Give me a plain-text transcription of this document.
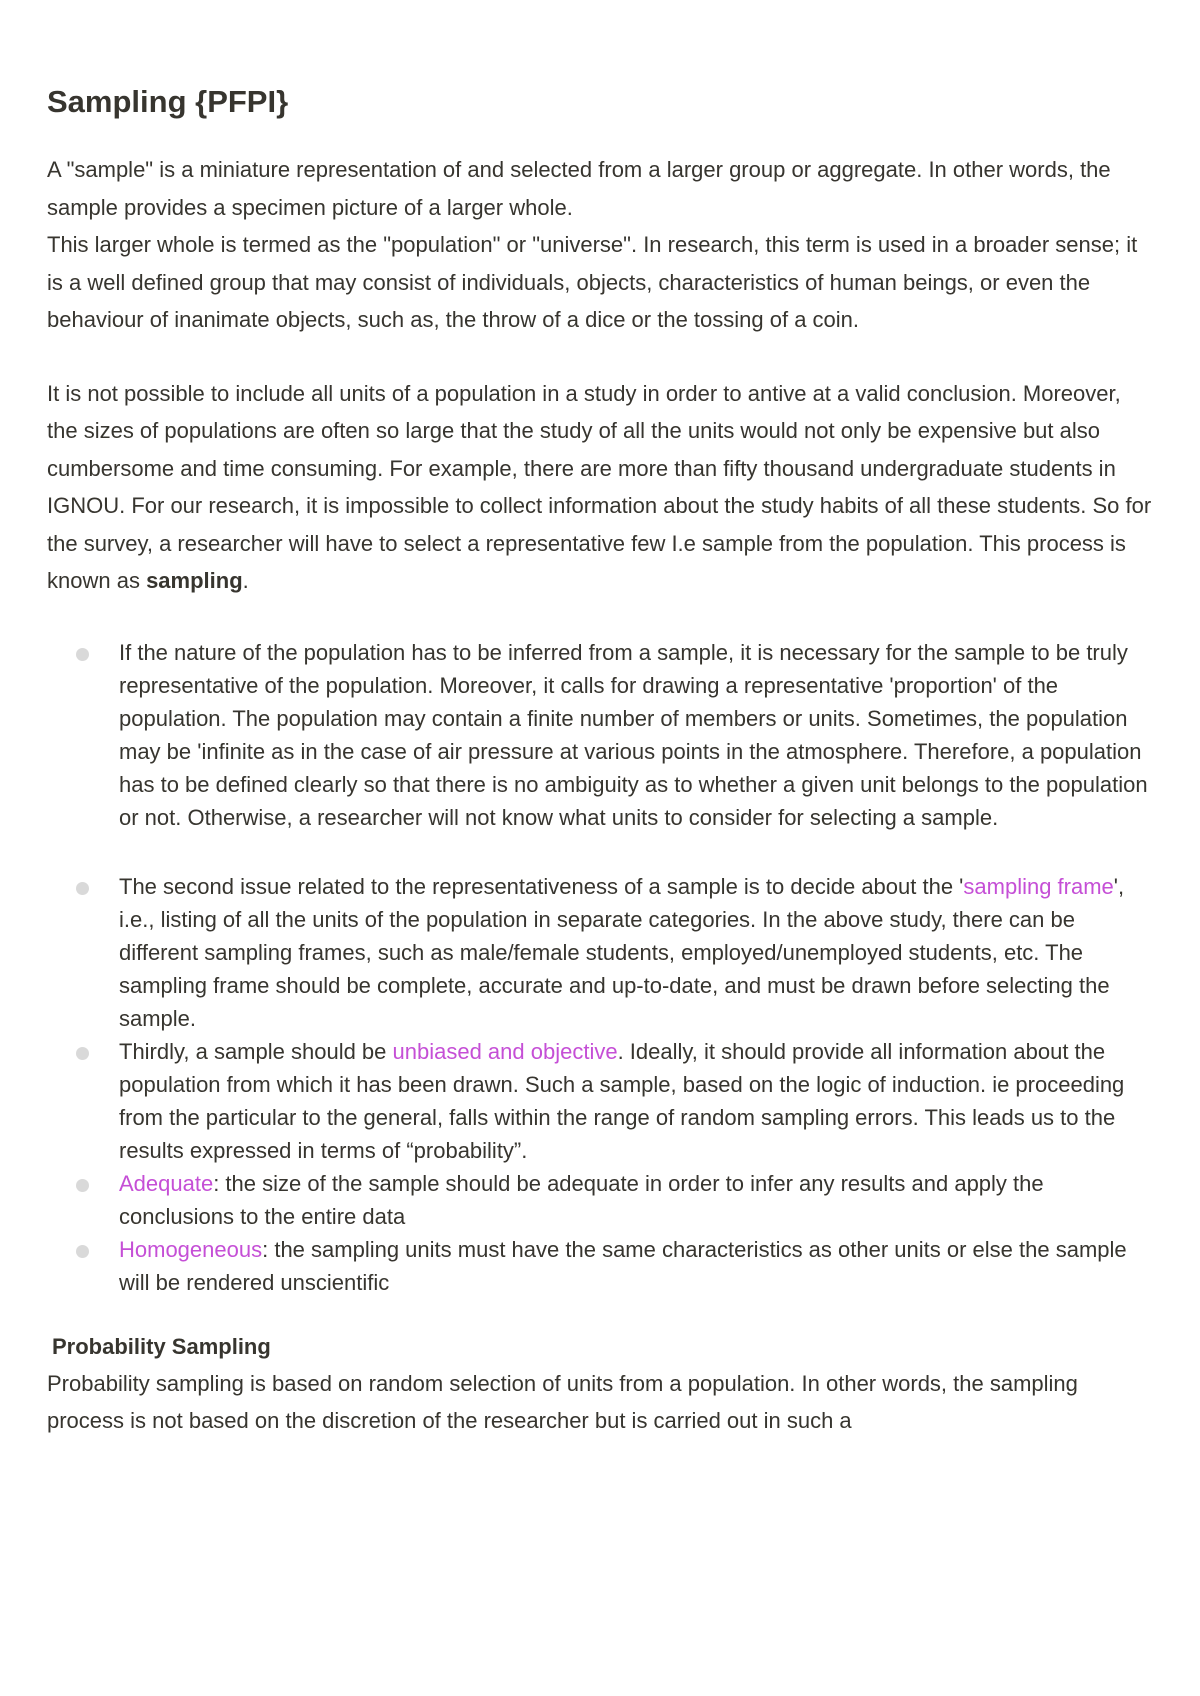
Sampling {PFPI}

A "sample" is a miniature representation of and selected from a larger group or aggregate. In other words, the sample provides a specimen picture of a larger whole.

This larger whole is termed as the "population" or "universe". In research, this term is used in a broader sense; it is a well defined group that may consist of individuals, objects, characteristics of human beings, or even the behaviour of inanimate objects, such as, the throw of a dice or the tossing of a coin.

It is not possible to include all units of a population in a study in order to antive at a valid conclusion. Moreover, the sizes of populations are often so large that the study of all the units would not only be expensive but also cumbersome and time consuming. For example, there are more than fifty thousand undergraduate students in IGNOU. For our research, it is impossible to collect information about the study habits of all these students. So for the survey, a researcher will have to select a representative few I.e sample from the population. This process is known as sampling.

If the nature of the population has to be inferred from a sample, it is necessary for the sample to be truly representative of the population. Moreover, it calls for drawing a representative 'proportion' of the population. The population may contain a finite number of members or units. Sometimes, the population may be 'infinite as in the case of air pressure at various points in the atmosphere. Therefore, a population has to be defined clearly so that there is no ambiguity as to whether a given unit belongs to the population or not. Otherwise, a researcher will not know what units to consider for selecting a sample.
The second issue related to the representativeness of a sample is to decide about the 'sampling frame', i.e., listing of all the units of the population in separate categories. In the above study, there can be different sampling frames, such as male/female students, employed/unemployed students, etc. The sampling frame should be complete, accurate and up-to-date, and must be drawn before selecting the sample.
Thirdly, a sample should be unbiased and objective. Ideally, it should provide all information about the population from which it has been drawn. Such a sample, based on the logic of induction. ie proceeding from the particular to the general, falls within the range of random sampling errors. This leads us to the results expressed in terms of “probability”.
Adequate: the size of the sample should be adequate in order to infer any results and apply the conclusions to the entire data
Homogeneous: the sampling units must have the same characteristics as other units or else the sample will be rendered unscientific
Probability Sampling

Probability sampling is based on random selection of units from a population. In other words, the sampling process is not based on the discretion of the researcher but is carried out in such a
